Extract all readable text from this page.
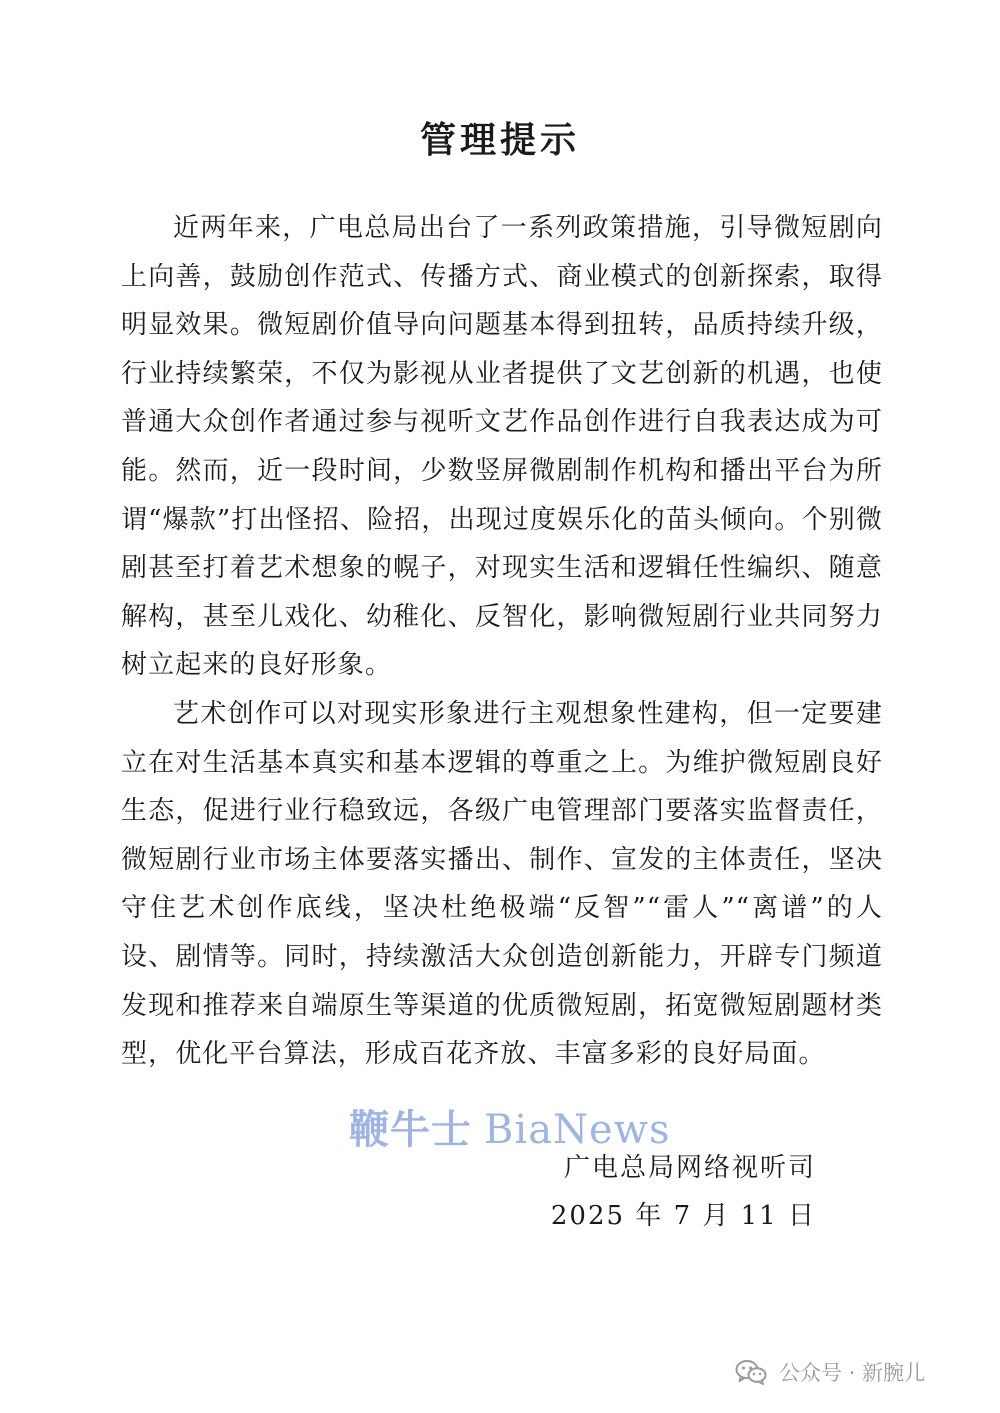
管理提示

近两年来，广电总局出台了一系列政策措施，引导微短剧向上向善，鼓励创作范式、传播方式、商业模式的创新探索，取得明显效果。微短剧价值导向问题基本得到扭转，品质持续升级，行业持续繁荣，不仅为影视从业者提供了文艺创新的机遇，也使普通大众创作者通过参与视听文艺作品创作进行自我表达成为可能。然而，近一段时间，少数竖屏微剧制作机构和播出平台为所谓“爆款”打出怪招、险招，出现过度娱乐化的苗头倾向。个别微剧甚至打着艺术想象的幌子，对现实生活和逻辑任性编织、随意解构，甚至儿戏化、幼稚化、反智化，影响微短剧行业共同努力树立起来的良好形象。

艺术创作可以对现实形象进行主观想象性建构，但一定要建立在对生活基本真实和基本逻辑的尊重之上。为维护微短剧良好生态，促进行业行稳致远，各级广电管理部门要落实监督责任，微短剧行业市场主体要落实播出、制作、宣发的主体责任，坚决守住艺术创作底线，坚决杜绝极端“反智”“雷人”“离谱”的人设、剧情等。同时，持续激活大众创造创新能力，开辟专门频道发现和推荐来自端原生等渠道的优质微短剧，拓宽微短剧题材类型，优化平台算法，形成百花齐放、丰富多彩的良好局面。

鞭牛士 BiaNews
广电总局网络视听司
2025 年 7 月 11 日
公众号 · 新腕儿
